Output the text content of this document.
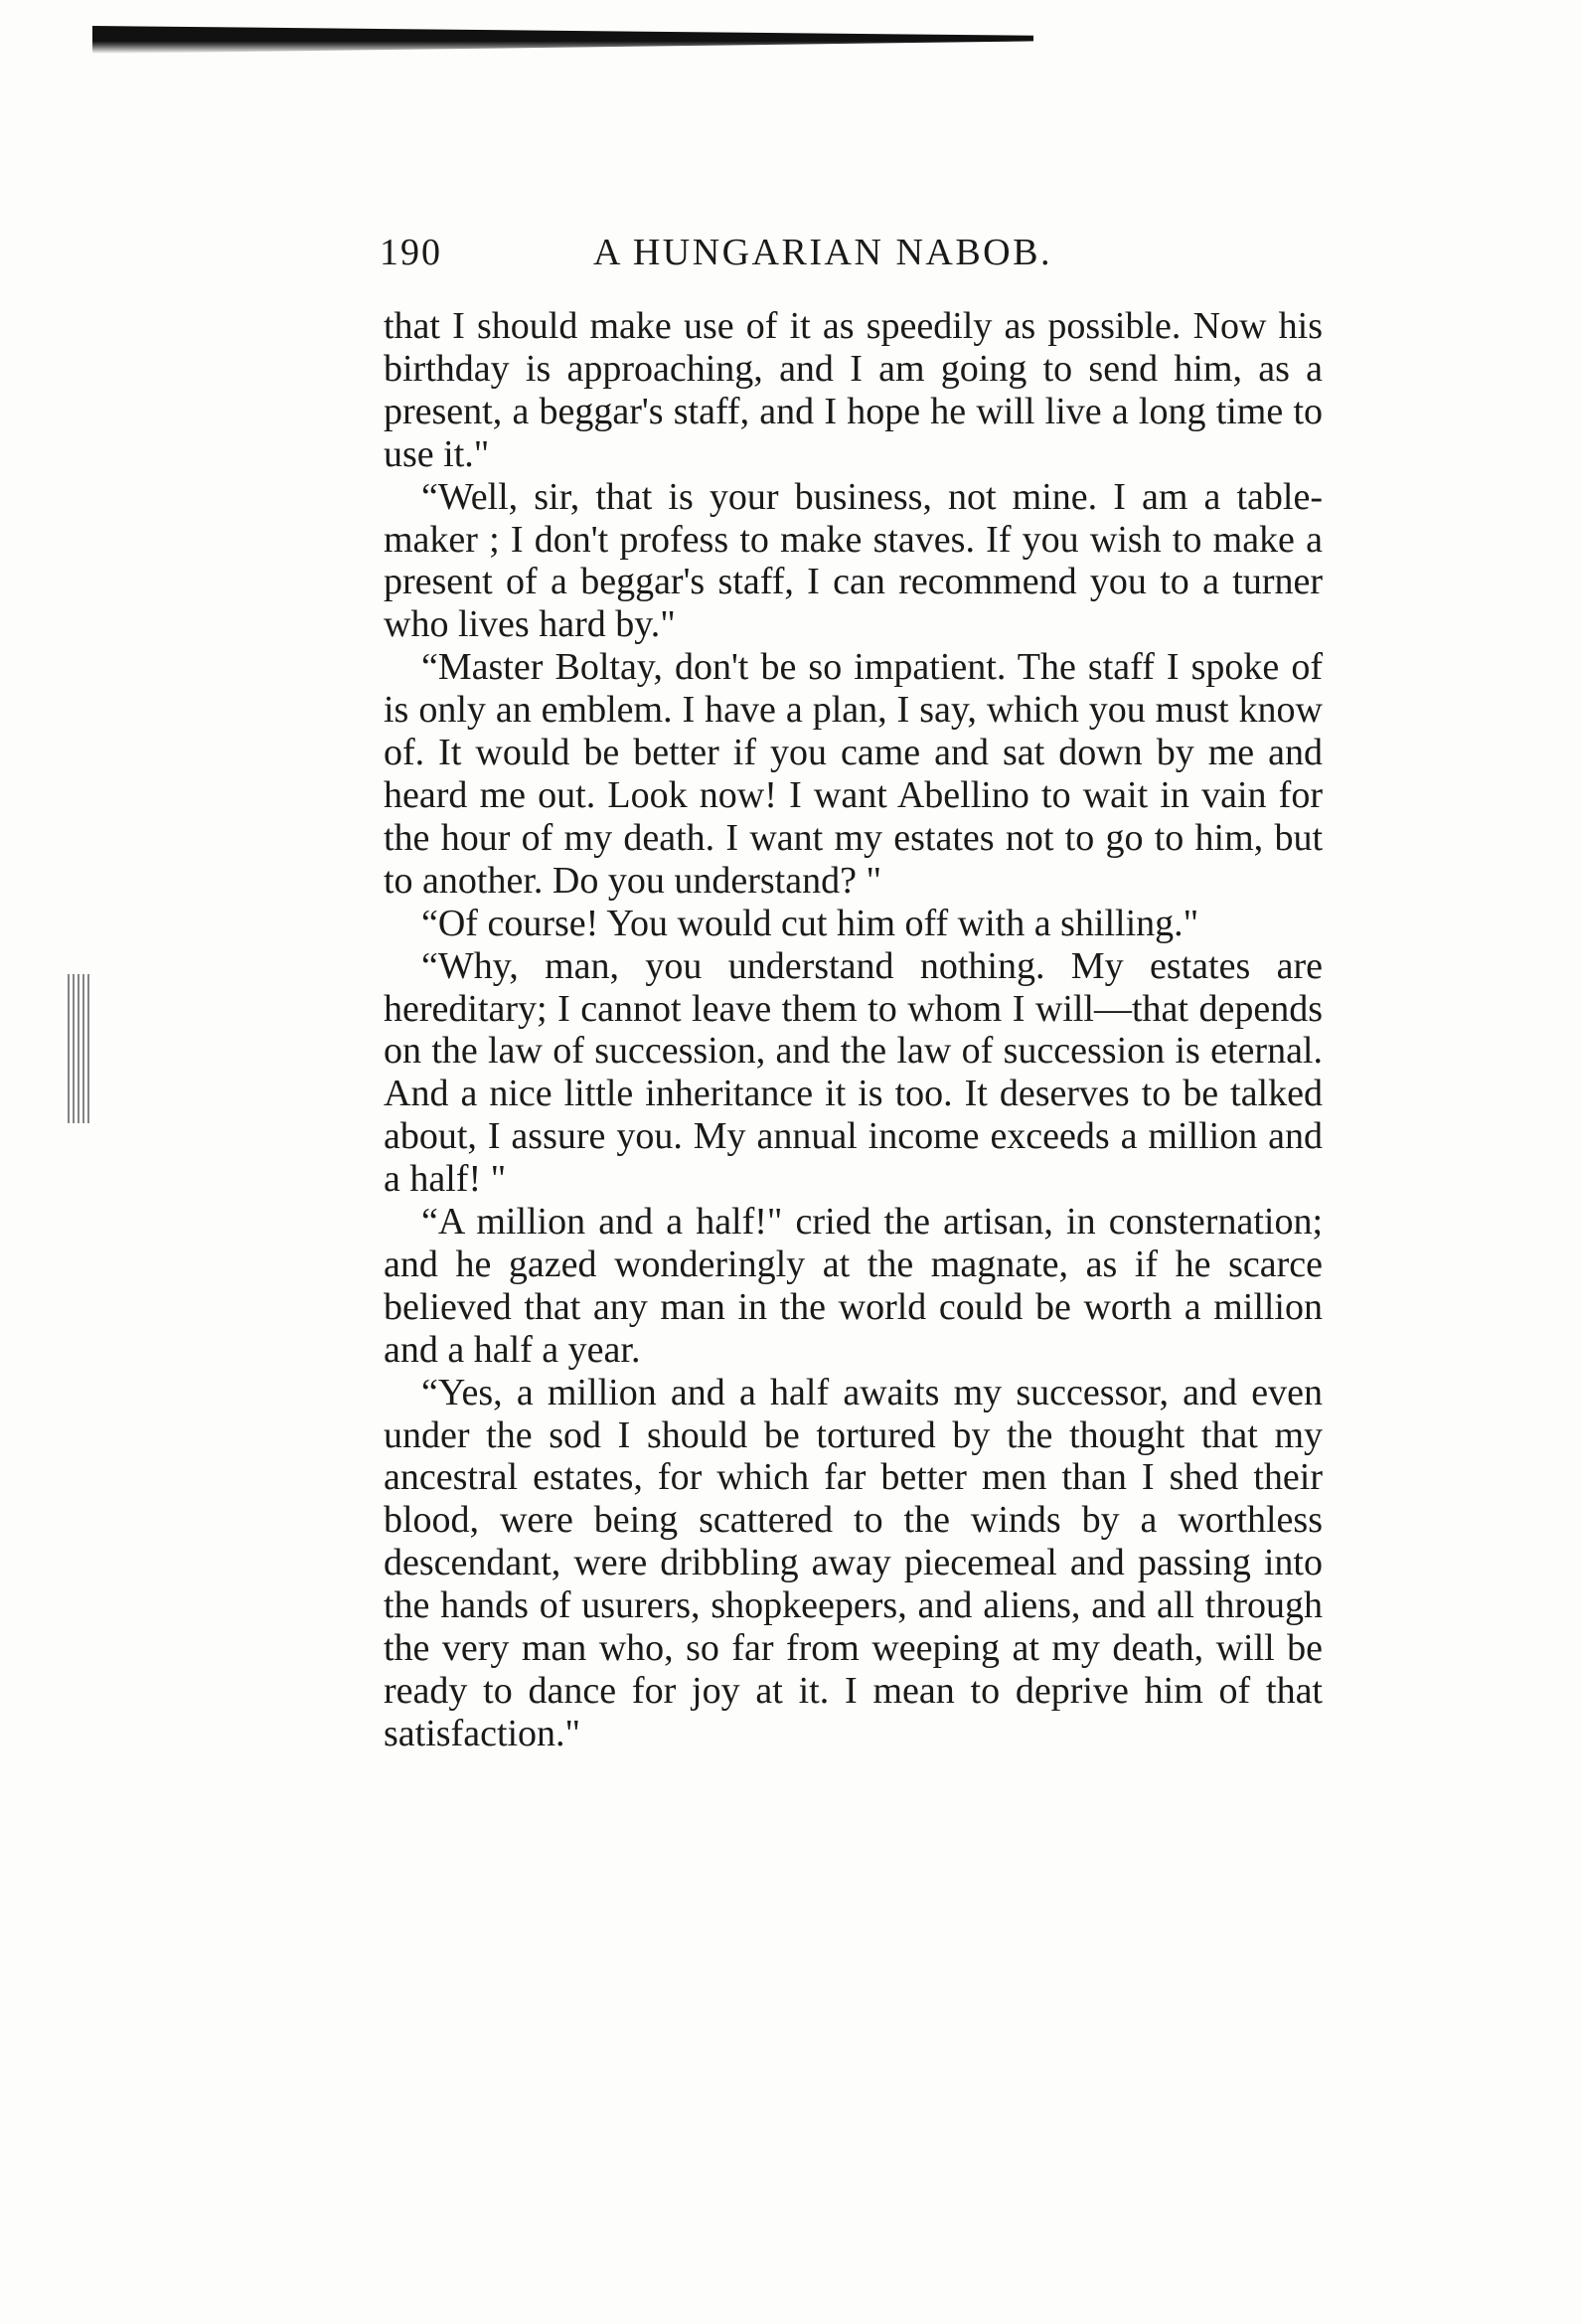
190	A HUNGARIAN NABOB.

that I should make use of it as speedily as possible. Now his birthday is approaching, and I am going to send him, as a present, a beggar's staff, and I hope he will live a long time to use it."

“Well, sir, that is your business, not mine. I am a table-maker ; I don't profess to make staves. If you wish to make a present of a beggar's staff, I can recommend you to a turner who lives hard by."

“Master Boltay, don't be so impatient. The staff I spoke of is only an emblem. I have a plan, I say, which you must know of. It would be better if you came and sat down by me and heard me out. Look now! I want Abellino to wait in vain for the hour of my death. I want my estates not to go to him, but to another. Do you understand? "

“Of course! You would cut him off with a shilling."

“Why, man, you understand nothing. My estates are hereditary; I cannot leave them to whom I will—that depends on the law of succession, and the law of succession is eternal. And a nice little inheritance it is too. It deserves to be talked about, I assure you. My annual income exceeds a million and a half! "

“A million and a half!" cried the artisan, in consternation; and he gazed wonderingly at the magnate, as if he scarce believed that any man in the world could be worth a million and a half a year.

“Yes, a million and a half awaits my successor, and even under the sod I should be tortured by the thought that my ancestral estates, for which far better men than I shed their blood, were being scattered to the winds by a worthless descendant, were dribbling away piecemeal and passing into the hands of usurers, shopkeepers, and aliens, and all through the very man who, so far from weeping at my death, will be ready to dance for joy at it. I mean to deprive him of that satisfaction."
